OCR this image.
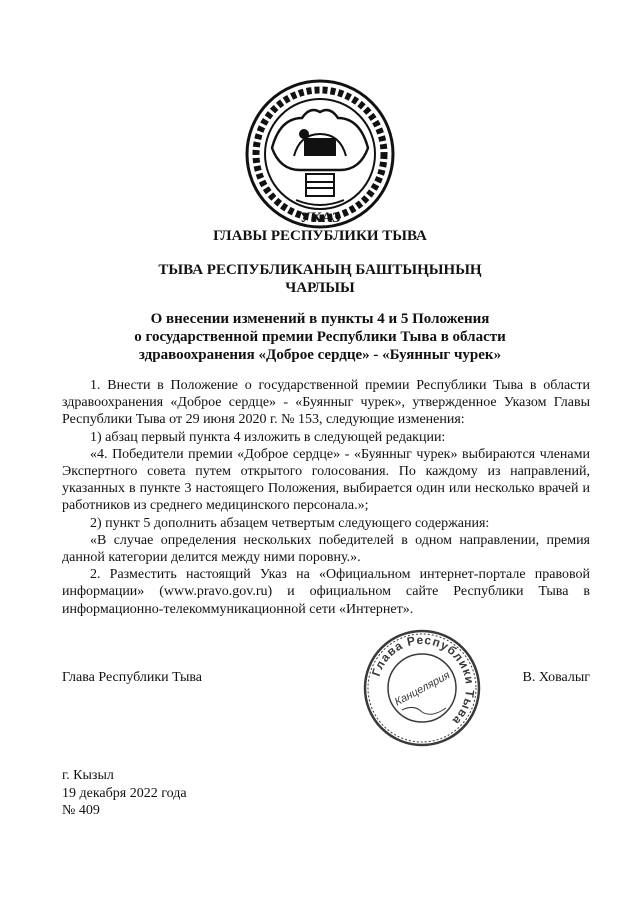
УКАЗ
ГЛАВЫ РЕСПУБЛИКИ ТЫВА
ТЫВА РЕСПУБЛИКАНЫҢ БАШТЫҢЫНЫҢ
ЧАРЛЫЫ
О внесении изменений в пункты 4 и 5 Положения
о государственной премии Республики Тыва в области
здравоохранения «Доброе сердце» - «Буянныг чурек»

1. Внести в Положение о государственной премии Республики Тыва в области здравоохранения «Доброе сердце» - «Буянныг чурек», утвержденное Указом Главы Республики Тыва от 29 июня 2020 г. № 153, следующие изменения:

1) абзац первый пункта 4 изложить в следующей редакции:

«4. Победители премии «Доброе сердце» - «Буянныг чурек» выбираются членами Экспертного совета путем открытого голосования. По каждому из направлений, указанных в пункте 3 настоящего Положения, выбирается один или несколько врачей и работников из среднего медицинского персонала.»;

2) пункт 5 дополнить абзацем четвертым следующего содержания:

«В случае определения нескольких победителей в одном направлении, премия данной категории делится между ними поровну.».

2. Разместить настоящий Указ на «Официальном интернет-портале правовой информации» (www.pravo.gov.ru) и официальном сайте Республики Тыва в информационно-телекоммуникационной сети «Интернет».

Глава Республики Тыва	В. Ховалыг
Глава Республики Тыва
Канцелярия
г. Кызыл
19 декабря 2022 года
№ 409
